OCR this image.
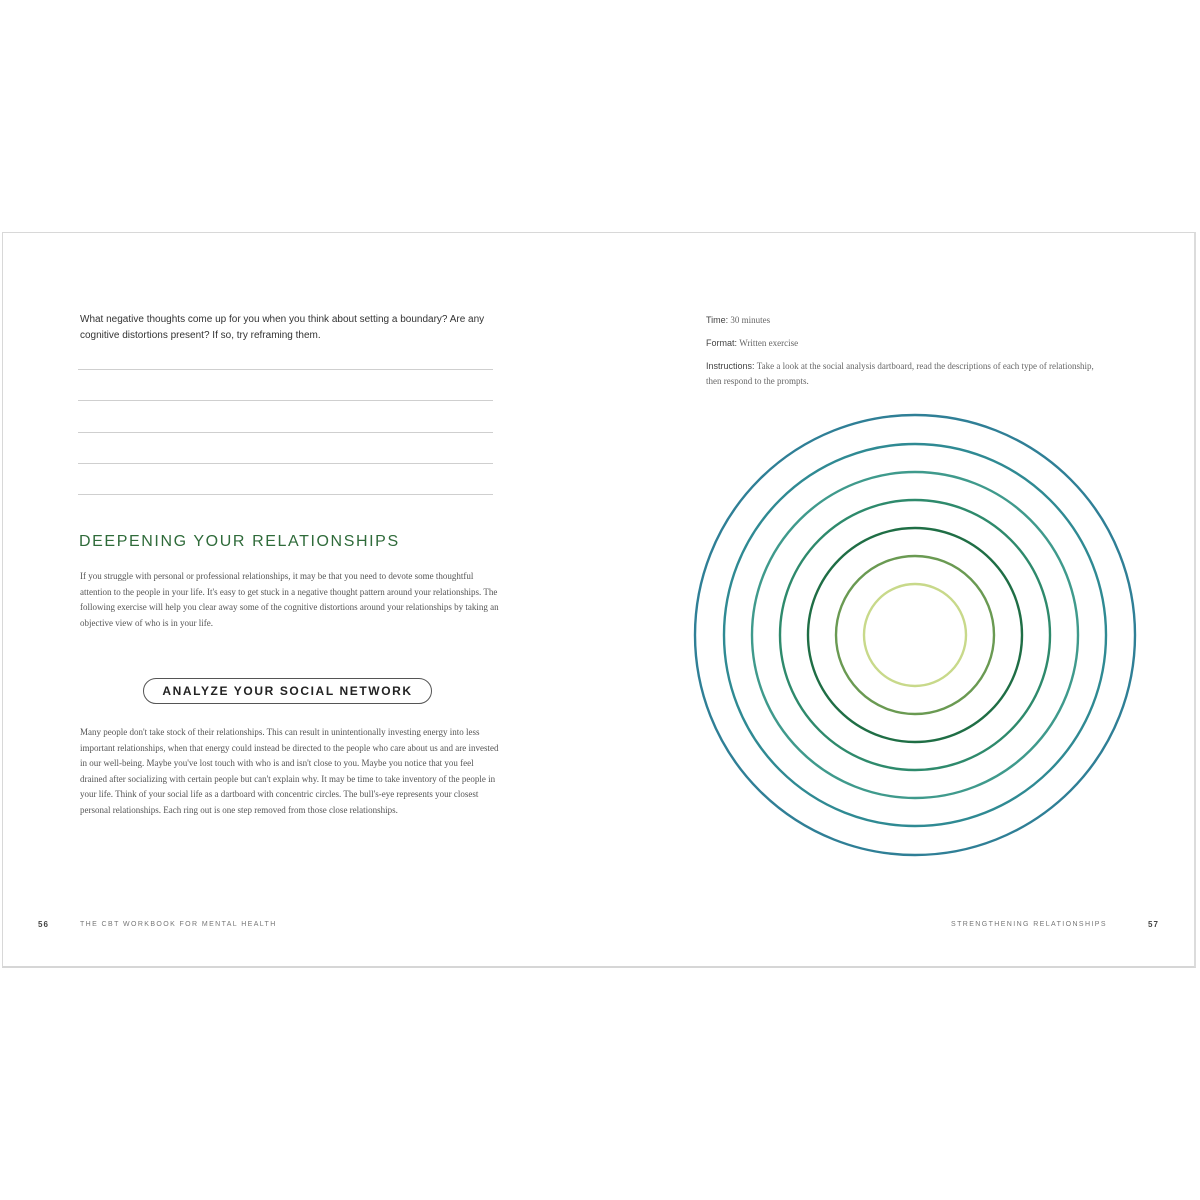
What negative thoughts come up for you when you think about setting a boundary? Are any cognitive distortions present? If so, try reframing them.
DEEPENING YOUR RELATIONSHIPS
If you struggle with personal or professional relationships, it may be that you need to devote some thoughtful attention to the people in your life. It's easy to get stuck in a negative thought pattern around your relationships. The following exercise will help you clear away some of the cognitive distortions around your relationships by taking an objective view of who is in your life.
ANALYZE YOUR SOCIAL NETWORK
Many people don't take stock of their relationships. This can result in unintentionally investing energy into less important relationships, when that energy could instead be directed to the people who care about us and are invested in our well-being. Maybe you've lost touch with who is and isn't close to you. Maybe you notice that you feel drained after socializing with certain people but can't explain why. It may be time to take inventory of the people in your life. Think of your social life as a dartboard with concentric circles. The bull's-eye represents your closest personal relationships. Each ring out is one step removed from those close relationships.
56	THE CBT WORKBOOK FOR MENTAL HEALTH
Time: 30 minutes
Format: Written exercise
Instructions: Take a look at the social analysis dartboard, read the descriptions of each type of relationship, then respond to the prompts.
STRENGTHENING RELATIONSHIPS	57
